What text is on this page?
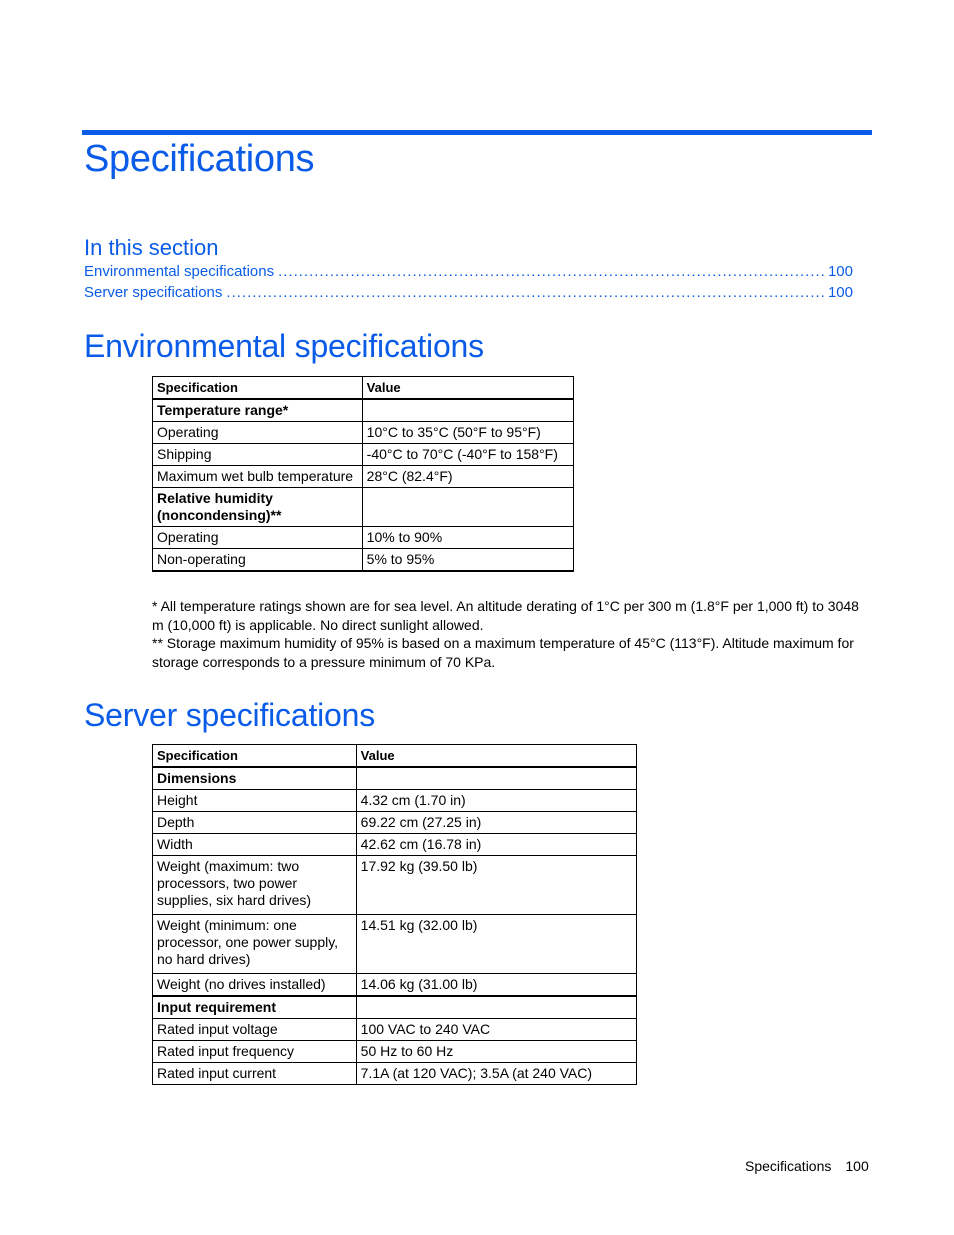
Specifications
In this section
Environmental specifications .....	100
Server specifications .....	100
Environmental specifications
Specification	Value
Temperature range*	
Operating	10°C to 35°C (50°F to 95°F)
Shipping	-40°C to 70°C (-40°F to 158°F)
Maximum wet bulb temperature	28°C (82.4°F)
Relative humidity (noncondensing)**	
Operating	10% to 90%
Non-operating	5% to 95%

* All temperature ratings shown are for sea level. An altitude derating of 1°C per 300 m (1.8°F per 1,000 ft) to 3048 m (10,000 ft) is applicable. No direct sunlight allowed.

** Storage maximum humidity of 95% is based on a maximum temperature of 45°C (113°F). Altitude maximum for storage corresponds to a pressure minimum of 70 KPa.

Server specifications
Specification	Value
Dimensions	
Height	4.32 cm (1.70 in)
Depth	69.22 cm (27.25 in)
Width	42.62 cm (16.78 in)
Weight (maximum: two processors, two power supplies, six hard drives)	17.92 kg (39.50 lb)
Weight (minimum: one processor, one power supply, no hard drives)	14.51 kg (32.00 lb)
Weight (no drives installed)	14.06 kg (31.00 lb)
Input requirement	
Rated input voltage	100 VAC to 240 VAC
Rated input frequency	50 Hz to 60 Hz
Rated input current	7.1A (at 120 VAC); 3.5A (at 240 VAC)
Specifications 100
